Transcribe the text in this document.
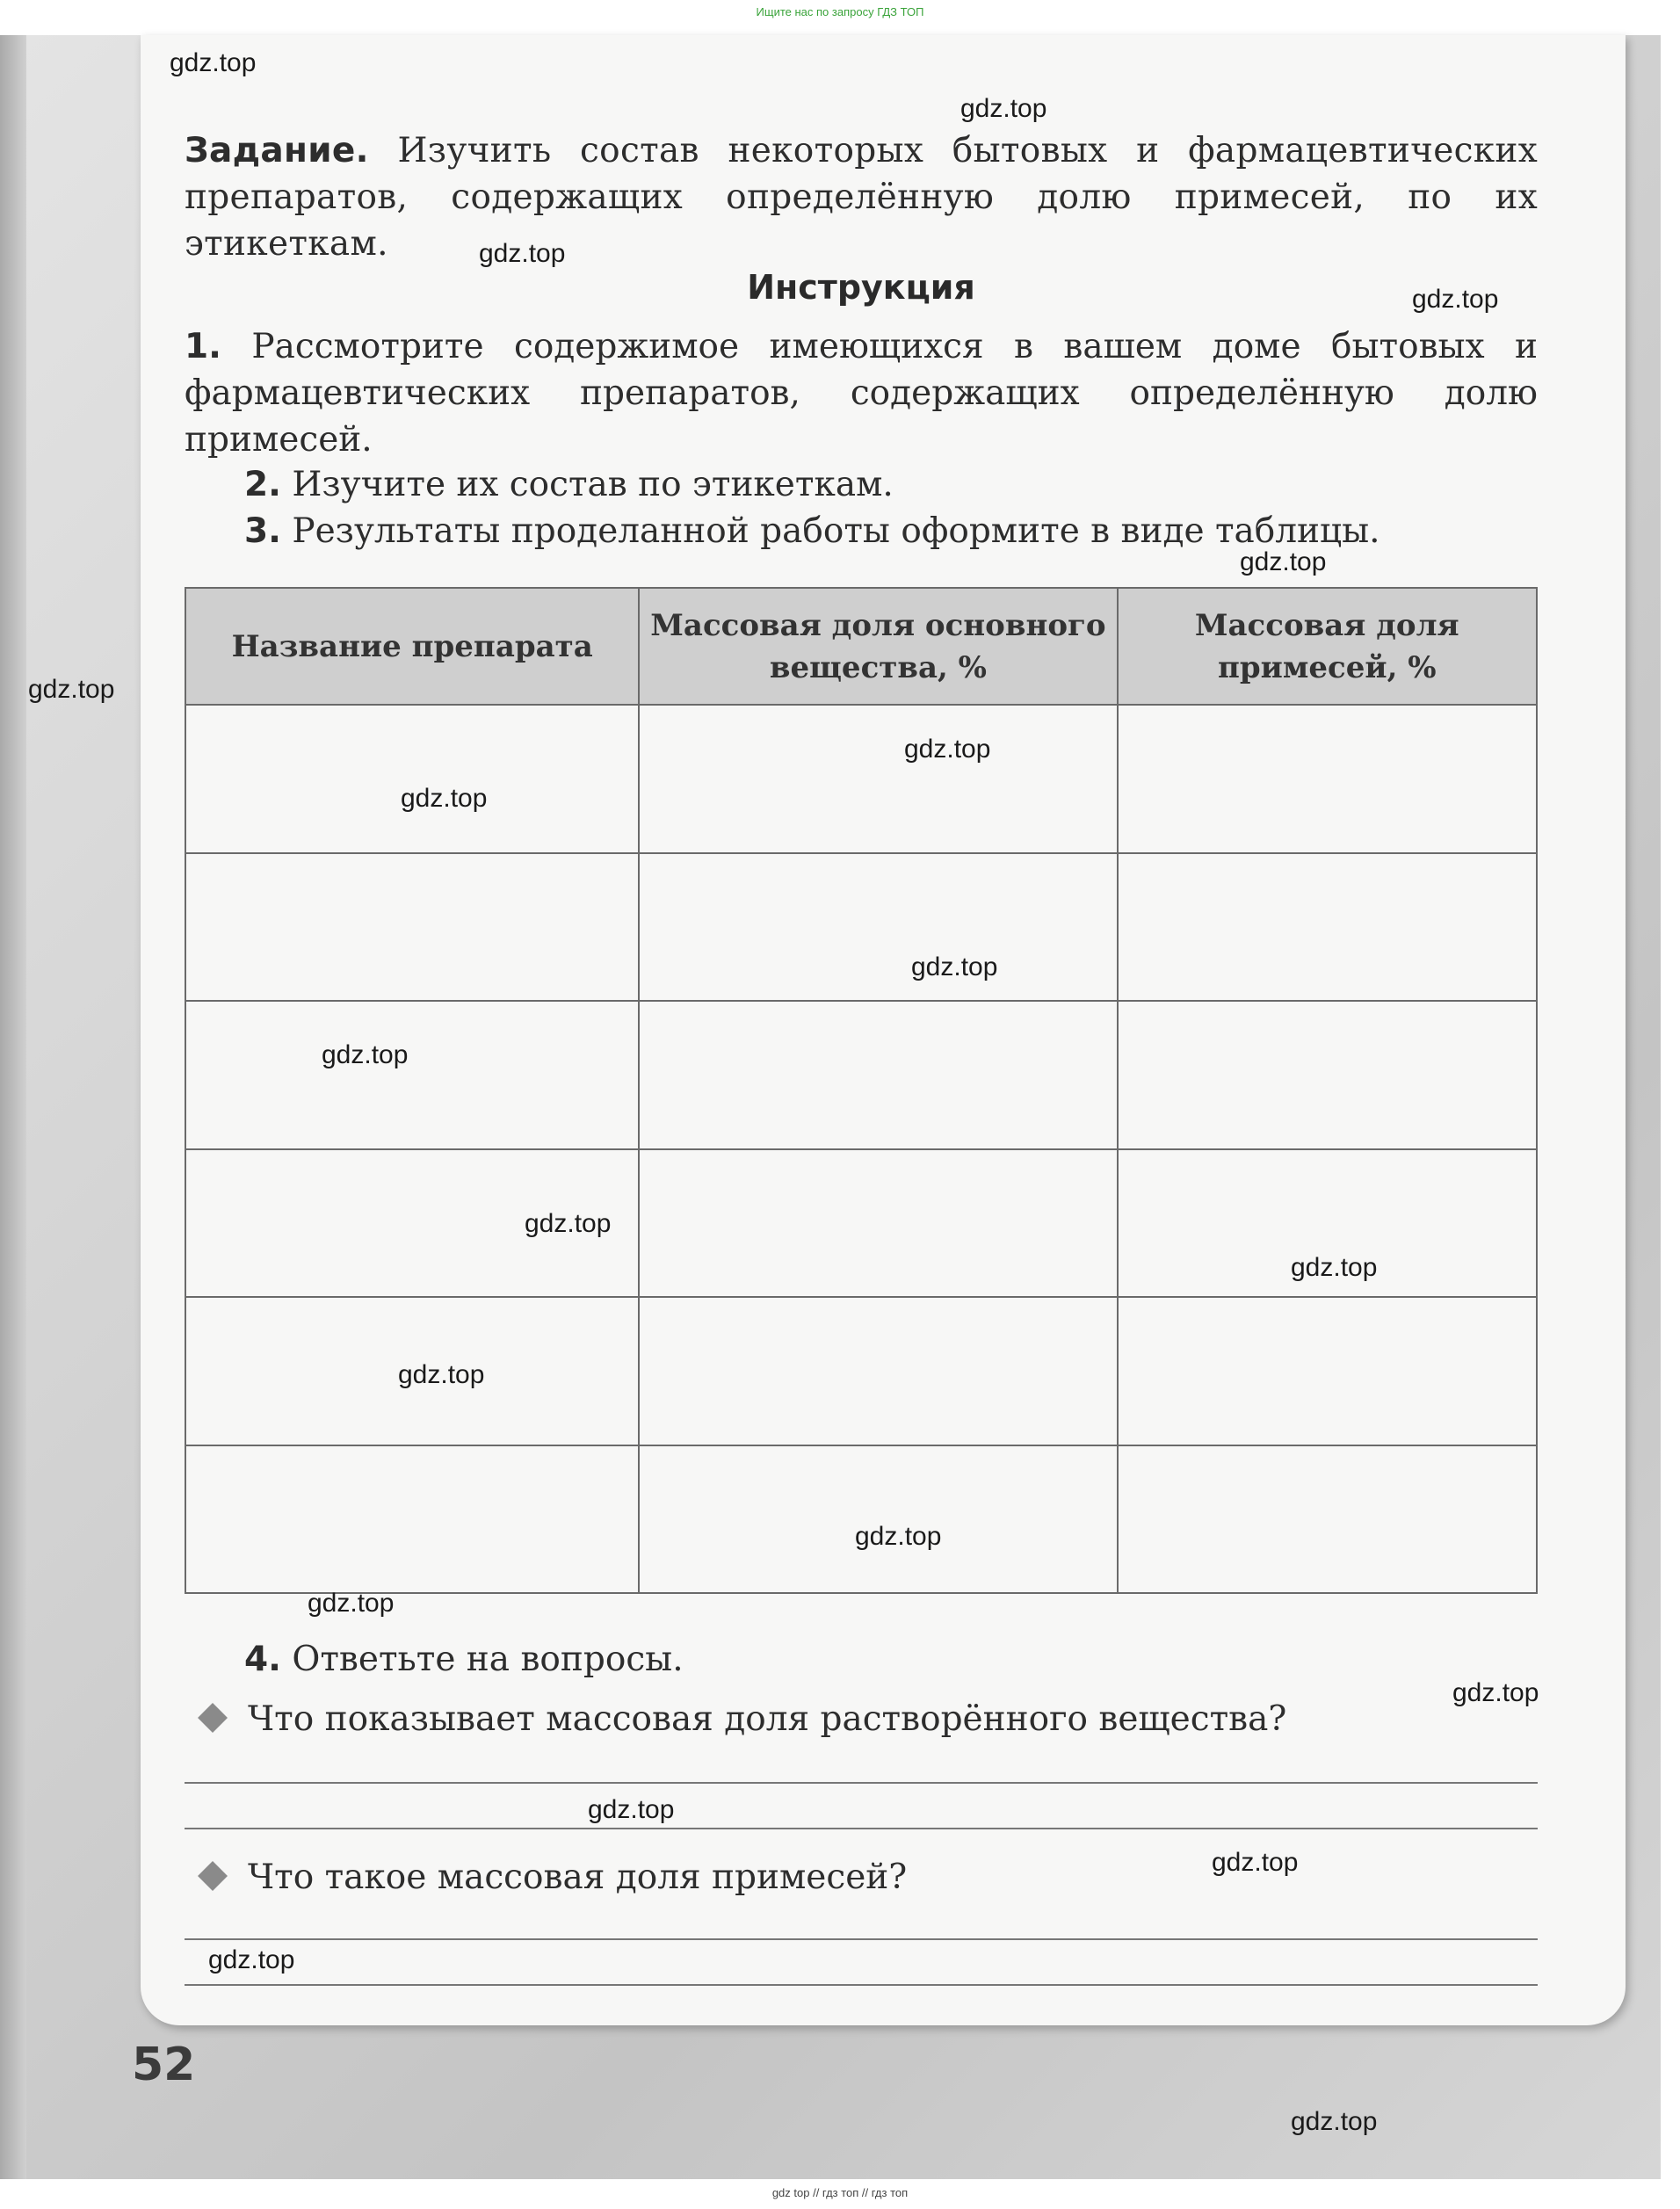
Ищите нас по запросу ГДЗ ТОП
52
Задание. Изучить состав некоторых бытовых и фармацевтических препаратов, содержащих определённую долю примесей, по их этикеткам.
Инструкция
1. Рассмотрите содержимое имеющихся в вашем доме бытовых и фармацевтических препаратов, содержащих определённую долю примесей.
2. Изучите их состав по этикеткам.
3. Результаты проделанной работы оформите в виде таблицы.
Название препарата	Массовая доля основного вещества, %	Массовая доля примесей, %

4. Ответьте на вопросы.
Что показывает массовая доля растворённого вещества?
Что такое массовая доля примесей?
gdz.top
gdz.top
gdz.top
gdz.top
gdz.top
gdz.top
gdz.top
gdz.top
gdz.top
gdz.top
gdz.top
gdz.top
gdz.top
gdz.top
gdz.top
gdz.top
gdz.top
gdz.top
gdz.top
gdz.top
gdz top // гдз топ // гдз топ
